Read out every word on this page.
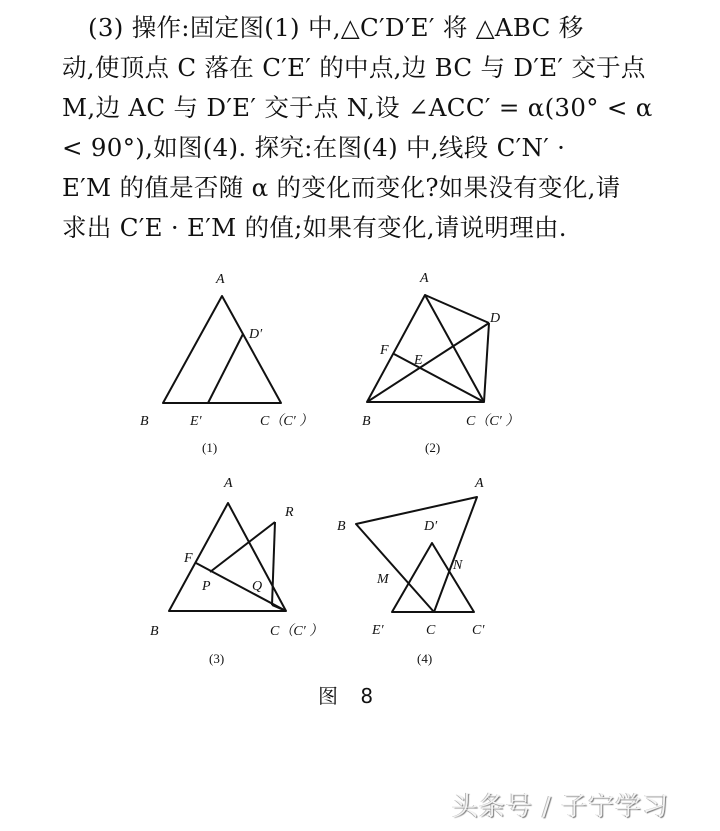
(3) 操作:固定图(1) 中,△C′D′E′ 将 △ABC 移
动,使顶点 C 落在 C′E′ 的中点,边 BC 与 D′E′ 交于点
M,边 AC 与 D′E′ 交于点 N,设 ∠ACC′ = α(30° < α
< 90°),如图(4). 探究:在图(4) 中,线段 C′N′ ·
E′M 的值是否随 α 的变化而变化?如果没有变化,请
求出 C′E · E′M 的值;如果有变化,请说明理由.
A
D′
B	E′	C（C′ ）
(1)
A
D
F
E
B	C（C′ ）
(2)
A
R
F
P	Q
B	C（C′ ）
(3)
A
B	D′
M
N
E′	C	C′
(4)
图 8
头条号 / 子宁学习
